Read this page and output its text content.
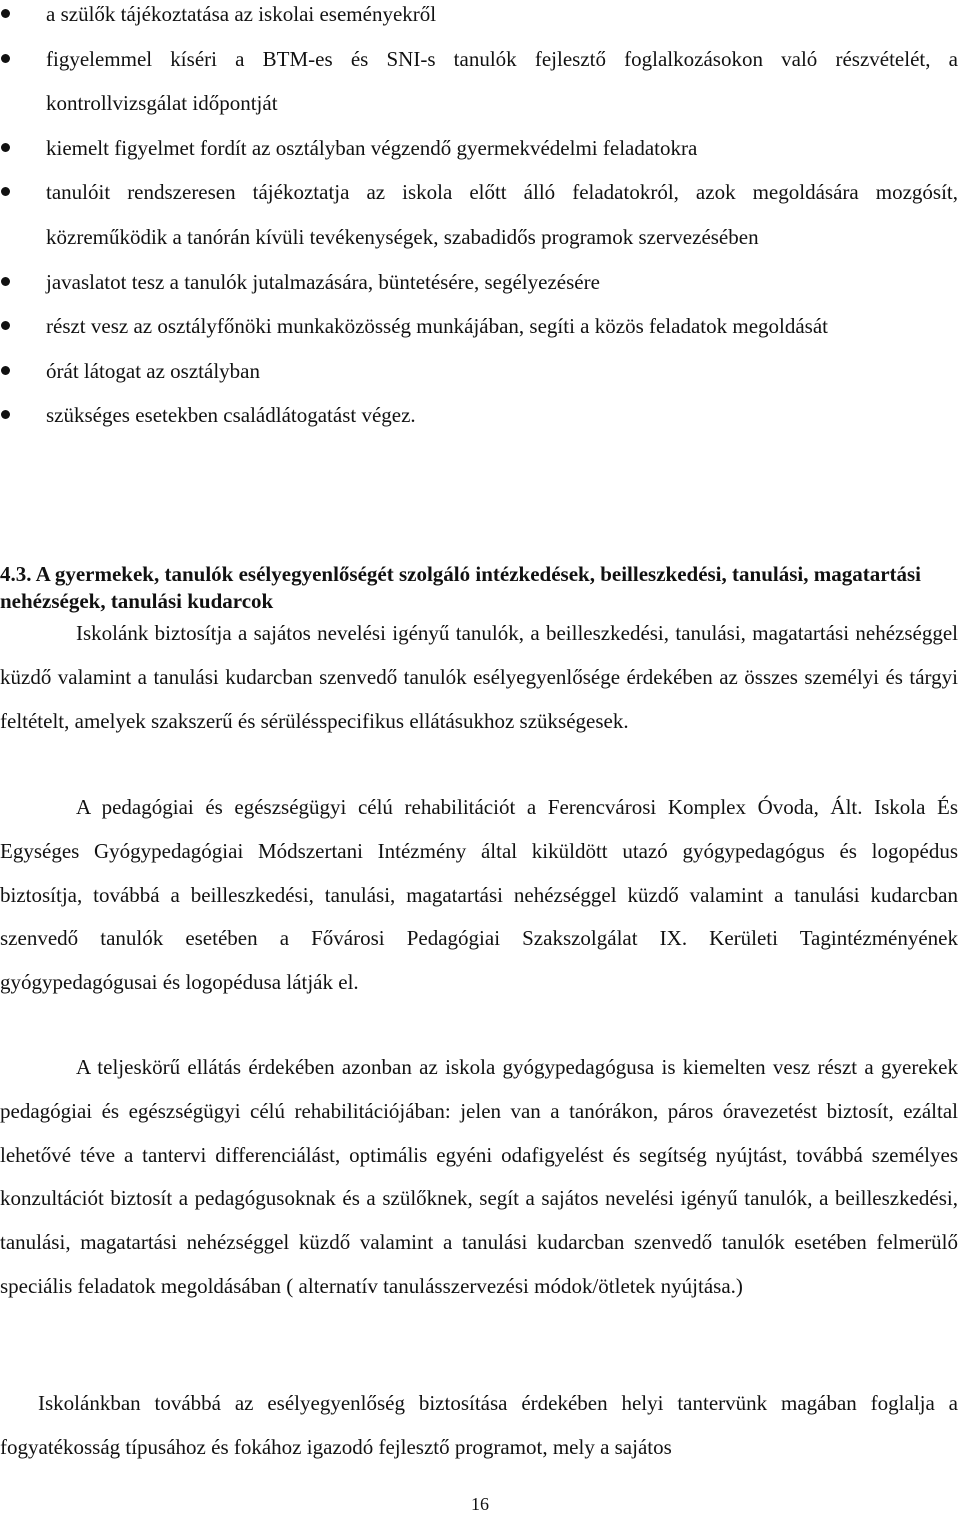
a szülők tájékoztatása az iskolai eseményekről
figyelemmel kíséri a BTM-es és SNI-s tanulók fejlesztő foglalkozásokon való részvételét, a kontrollvizsgálat időpontját
kiemelt figyelmet fordít az osztályban végzendő gyermekvédelmi feladatokra
tanulóit rendszeresen tájékoztatja az iskola előtt álló feladatokról, azok megoldására mozgósít, közreműködik a tanórán kívüli tevékenységek, szabadidős programok szervezésében
javaslatot tesz a tanulók jutalmazására, büntetésére, segélyezésére
részt vesz az osztályfőnöki munkaközösség munkájában, segíti a közös feladatok megoldását
órát látogat az osztályban
szükséges esetekben családlátogatást végez.
4.3. A gyermekek, tanulók esélyegyenlőségét szolgáló intézkedések, beilleszkedési, tanulási, magatartási nehézségek, tanulási kudarcok

Iskolánk biztosítja a sajátos nevelési igényű tanulók, a beilleszkedési, tanulási, magatartási nehézséggel küzdő valamint a tanulási kudarcban szenvedő tanulók esélyegyenlősége érdekében az összes személyi és tárgyi feltételt, amelyek szakszerű és sérülésspecifikus ellátásukhoz szükségesek.

A pedagógiai és egészségügyi célú rehabilitációt a Ferencvárosi Komplex Óvoda, Ált. Iskola És Egységes Gyógypedagógiai Módszertani Intézmény által kiküldött utazó gyógypedagógus és logopédus biztosítja, továbbá a beilleszkedési, tanulási, magatartási nehézséggel küzdő valamint a tanulási kudarcban szenvedő tanulók esetében a Fővárosi Pedagógiai Szakszolgálat IX. Kerületi Tagintézményének gyógypedagógusai és logopédusa látják el.

A teljeskörű ellátás érdekében azonban az iskola gyógypedagógusa is kiemelten vesz részt a gyerekek pedagógiai és egészségügyi célú rehabilitációjában: jelen van a tanórákon, páros óravezetést biztosít, ezáltal lehetővé téve a tantervi differenciálást, optimális egyéni odafigyelést és segítség nyújtást, továbbá személyes konzultációt biztosít a pedagógusoknak és a szülőknek, segít a sajátos nevelési igényű tanulók, a beilleszkedési, tanulási, magatartási nehézséggel küzdő valamint a tanulási kudarcban szenvedő tanulók esetében felmerülő speciális feladatok megoldásában ( alternatív tanulásszervezési módok/ötletek nyújtása.)

Iskolánkban továbbá az esélyegyenlőség biztosítása érdekében helyi tantervünk magában foglalja a fogyatékosság típusához és fokához igazodó fejlesztő programot, mely a sajátos

16
